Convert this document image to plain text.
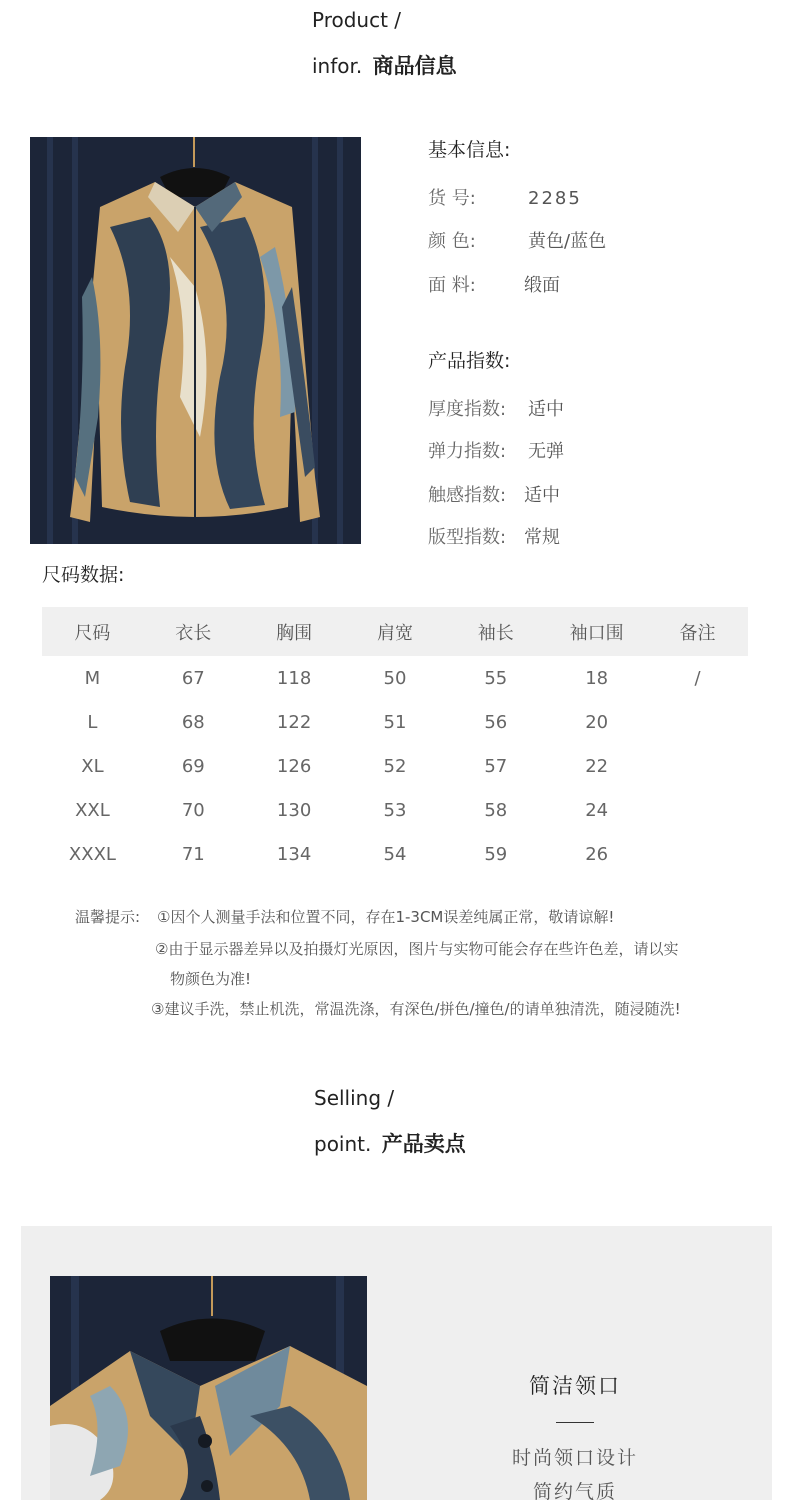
Product /
infor. 商品信息
基本信息:
货 号:	2285
颜 色:	黄色/蓝色
面 料:	缎面
产品指数:
厚度指数: 适中
弹力指数: 无弹
触感指数: 适中
版型指数: 常规
尺码数据:
尺码	衣长	胸围	肩宽	袖长	袖口围	备注
M	67	118	50	55	18	/
L	68	122	51	56	20	
XL	69	126	52	57	22	
XXL	70	130	53	58	24	
XXXL	71	134	54	59	26	
温馨提示: ①因个人测量手法和位置不同，存在1-3CM误差纯属正常，敬请谅解!
②由于显示器差异以及拍摄灯光原因，图片与实物可能会存在些许色差，请以实
物颜色为准!
③建议手洗，禁止机洗，常温洗涤，有深色/拼色/撞色/的请单独清洗，随浸随洗!
Selling /
point. 产品卖点
简洁领口
时尚领口设计
简约气质
